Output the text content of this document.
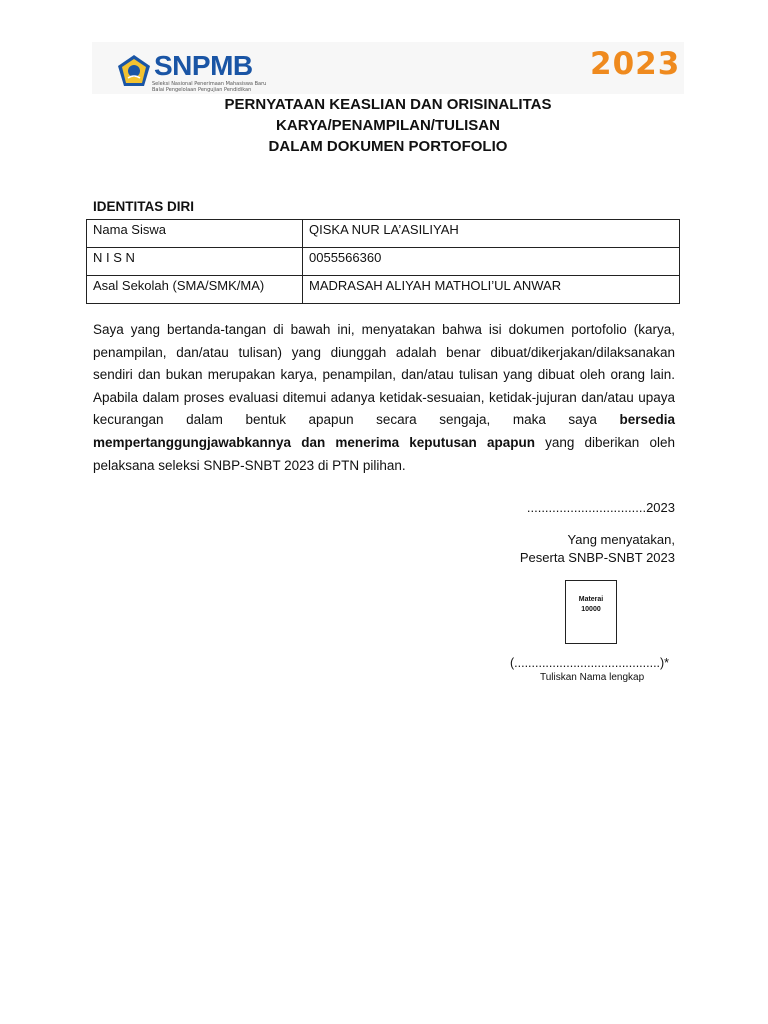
SNPMB
Seleksi Nasional Penerimaan Mahasiswa Baru
Balai Pengelolaan Pengujian Pendidikan
2023
PERNYATAAN KEASLIAN DAN ORISINALITAS
KARYA/PENAMPILAN/TULISAN
DALAM DOKUMEN PORTOFOLIO
IDENTITAS DIRI
Nama Siswa	QISKA NUR LA’ASILIYAH
N I S N	0055566360
Asal Sekolah (SMA/SMK/MA)	MADRASAH ALIYAH MATHOLI’UL ANWAR
Saya yang bertanda-tangan di bawah ini, menyatakan bahwa isi dokumen portofolio (karya, penampilan, dan/atau tulisan) yang diunggah adalah benar dibuat/dikerjakan/dilaksanakan sendiri dan bukan merupakan karya, penampilan, dan/atau tulisan yang dibuat oleh orang lain. Apabila dalam proses evaluasi ditemui adanya ketidak-sesuaian, ketidak-jujuran dan/atau upaya kecurangan dalam bentuk apapun secara sengaja, maka saya bersedia mempertanggungjawabkannya dan menerima keputusan apapun yang diberikan oleh pelaksana seleksi SNBP-SNBT 2023 di PTN pilihan.
.................................2023
Yang menyatakan,
Peserta SNBP-SNBT 2023
Materai
10000
(..........................................)*
Tuliskan Nama lengkap
